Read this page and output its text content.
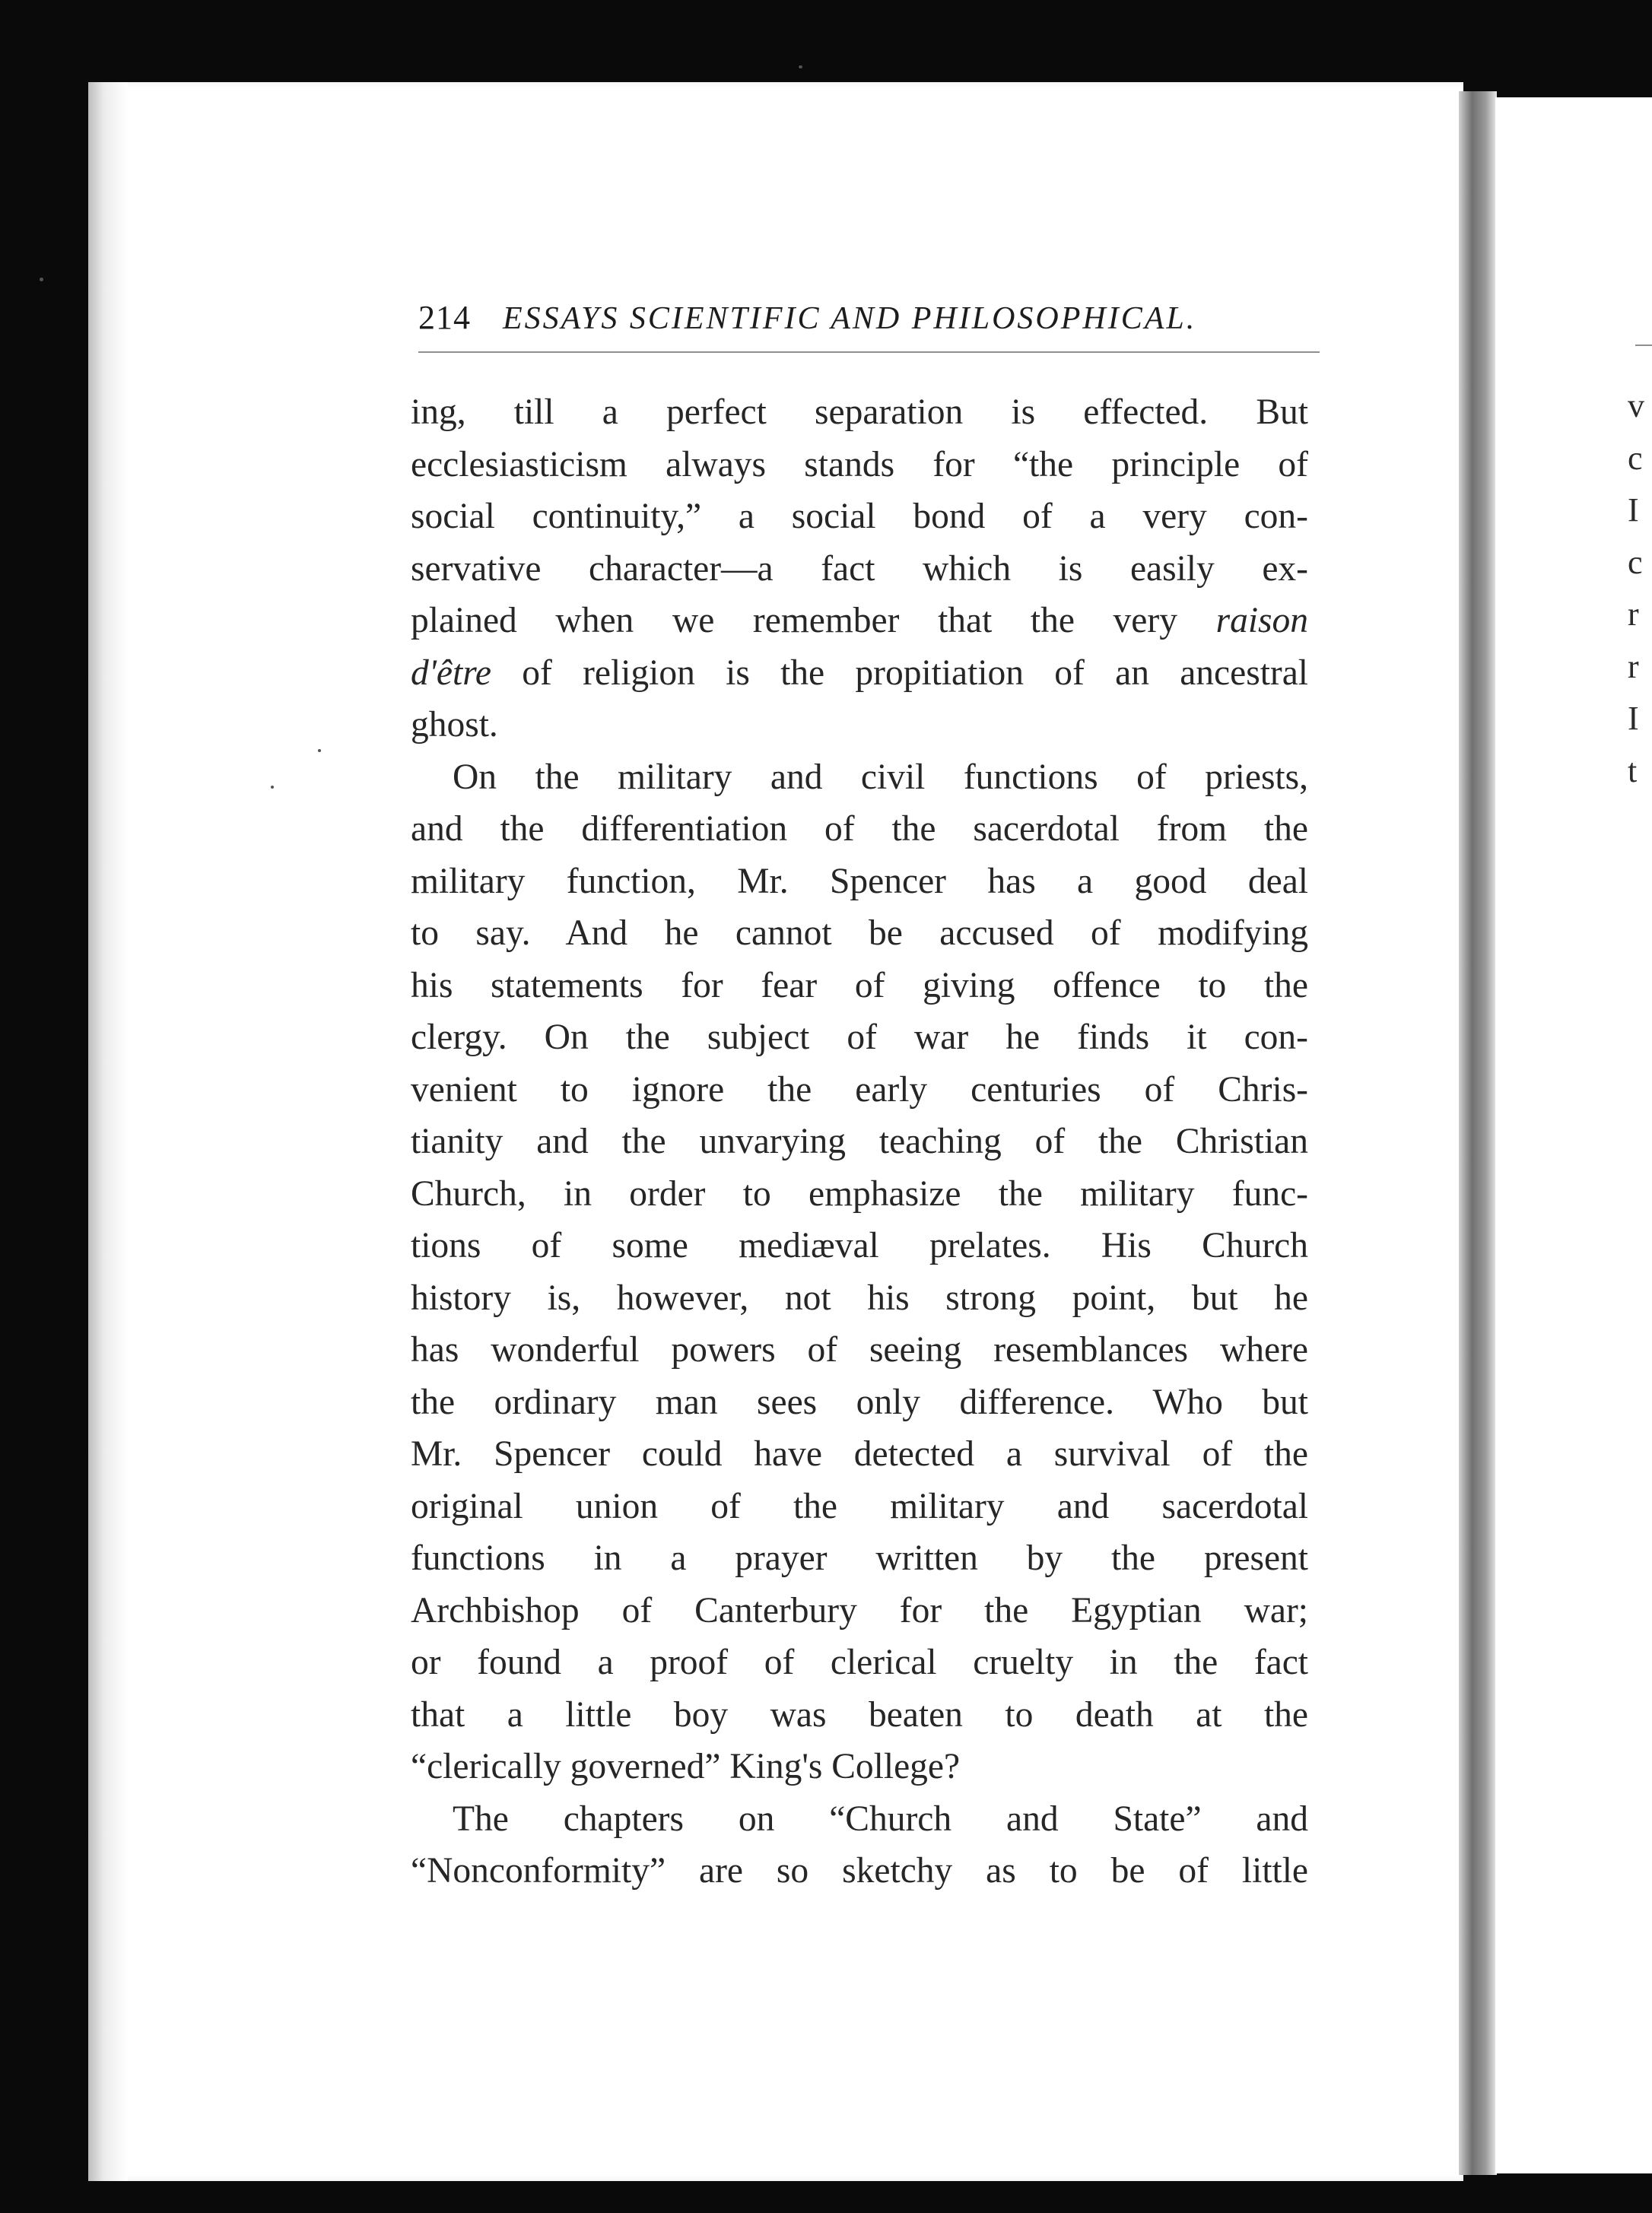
214 ESSAYS SCIENTIFIC AND PHILOSOPHICAL.
ing, till a perfect separation is effected. But
ecclesiasticism always stands for “the principle of
social continuity,” a social bond of a very con-
servative character—a fact which is easily ex-
plained when we remember that the very raison
d'être of religion is the propitiation of an ancestral
ghost.
On the military and civil functions of priests,
and the differentiation of the sacerdotal from the
military function, Mr. Spencer has a good deal
to say. And he cannot be accused of modifying
his statements for fear of giving offence to the
clergy. On the subject of war he finds it con-
venient to ignore the early centuries of Chris-
tianity and the unvarying teaching of the Christian
Church, in order to emphasize the military func-
tions of some mediæval prelates. His Church
history is, however, not his strong point, but he
has wonderful powers of seeing resemblances where
the ordinary man sees only difference. Who but
Mr. Spencer could have detected a survival of the
original union of the military and sacerdotal
functions in a prayer written by the present
Archbishop of Canterbury for the Egyptian war;
or found a proof of clerical cruelty in the fact
that a little boy was beaten to death at the
“clerically governed” King's College?
The chapters on “Church and State” and
“Nonconformity” are so sketchy as to be of little
v
c
I
c
r
r
I
t
